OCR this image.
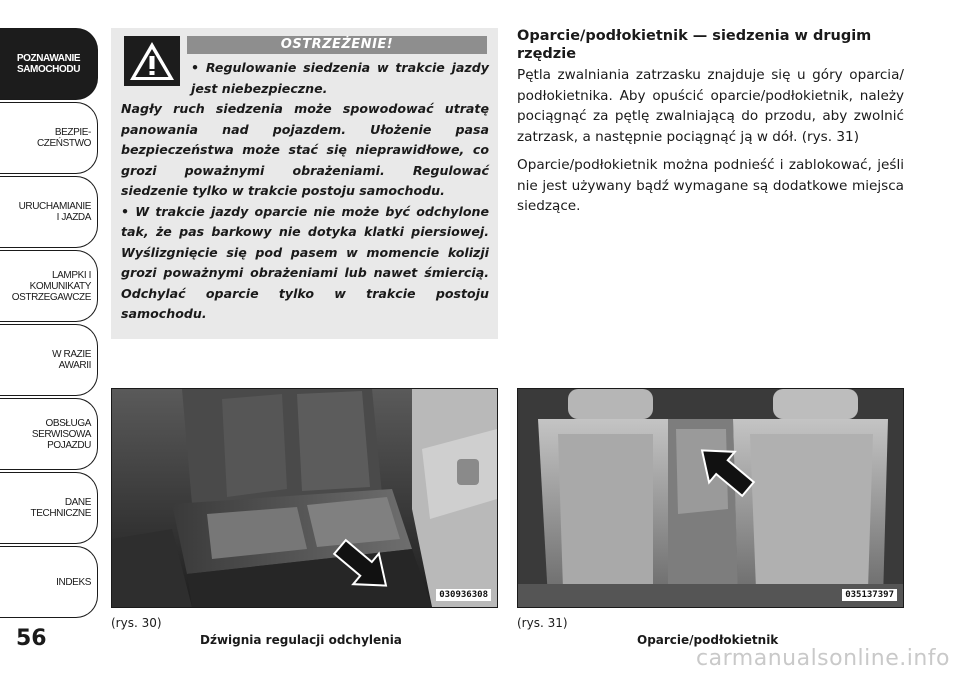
POZNAWANIE
SAMOCHODU
BEZPIE-
CZEŃSTWO
URUCHAMIANIE
I JAZDA
LAMPKI I
KOMUNIKATY
OSTRZEGAWCZE
W RAZIE
AWARII
OBSŁUGA
SERWISOWA
POJAZDU
DANE
TECHNICZNE
INDEKS
56
OSTRZEŻENIE!

• Regulowanie siedzenia w trakcie jazdy jest niebezpieczne.
Nagły ruch siedzenia może spowodować utratę panowania nad pojazdem. Ułożenie pasa bezpieczeństwa może stać się nieprawidłowe, co grozi poważnymi obrażeniami. Regulować siedzenie tylko w trakcie postoju samochodu.

• W trakcie jazdy oparcie nie może być odchylone tak, że pas barkowy nie dotyka klatki piersiowej. Wyślizgnięcie się pod pasem w momencie kolizji grozi poważnymi obrażeniami lub nawet śmiercią. Odchylać oparcie tylko w trakcie postoju samochodu.

Oparcie/podłokietnik — siedzenia w drugim rzędzie

Pętla zwalniania zatrzasku znajduje się u góry oparcia/ podłokietnika. Aby opuścić oparcie/podłokietnik, należy pociągnąć za pętlę zwalniającą do przodu, aby zwolnić zatrzask, a następnie pociągnąć ją w dół. (rys. 31)

Oparcie/podłokietnik można podnieść i zablokować, jeśli nie jest używany bądź wymagane są dodatkowe miejsca siedzące.

030936308
(rys. 30)
Dźwignia regulacji odchylenia
035137397
(rys. 31)
Oparcie/podłokietnik
carmanualsonline.info
